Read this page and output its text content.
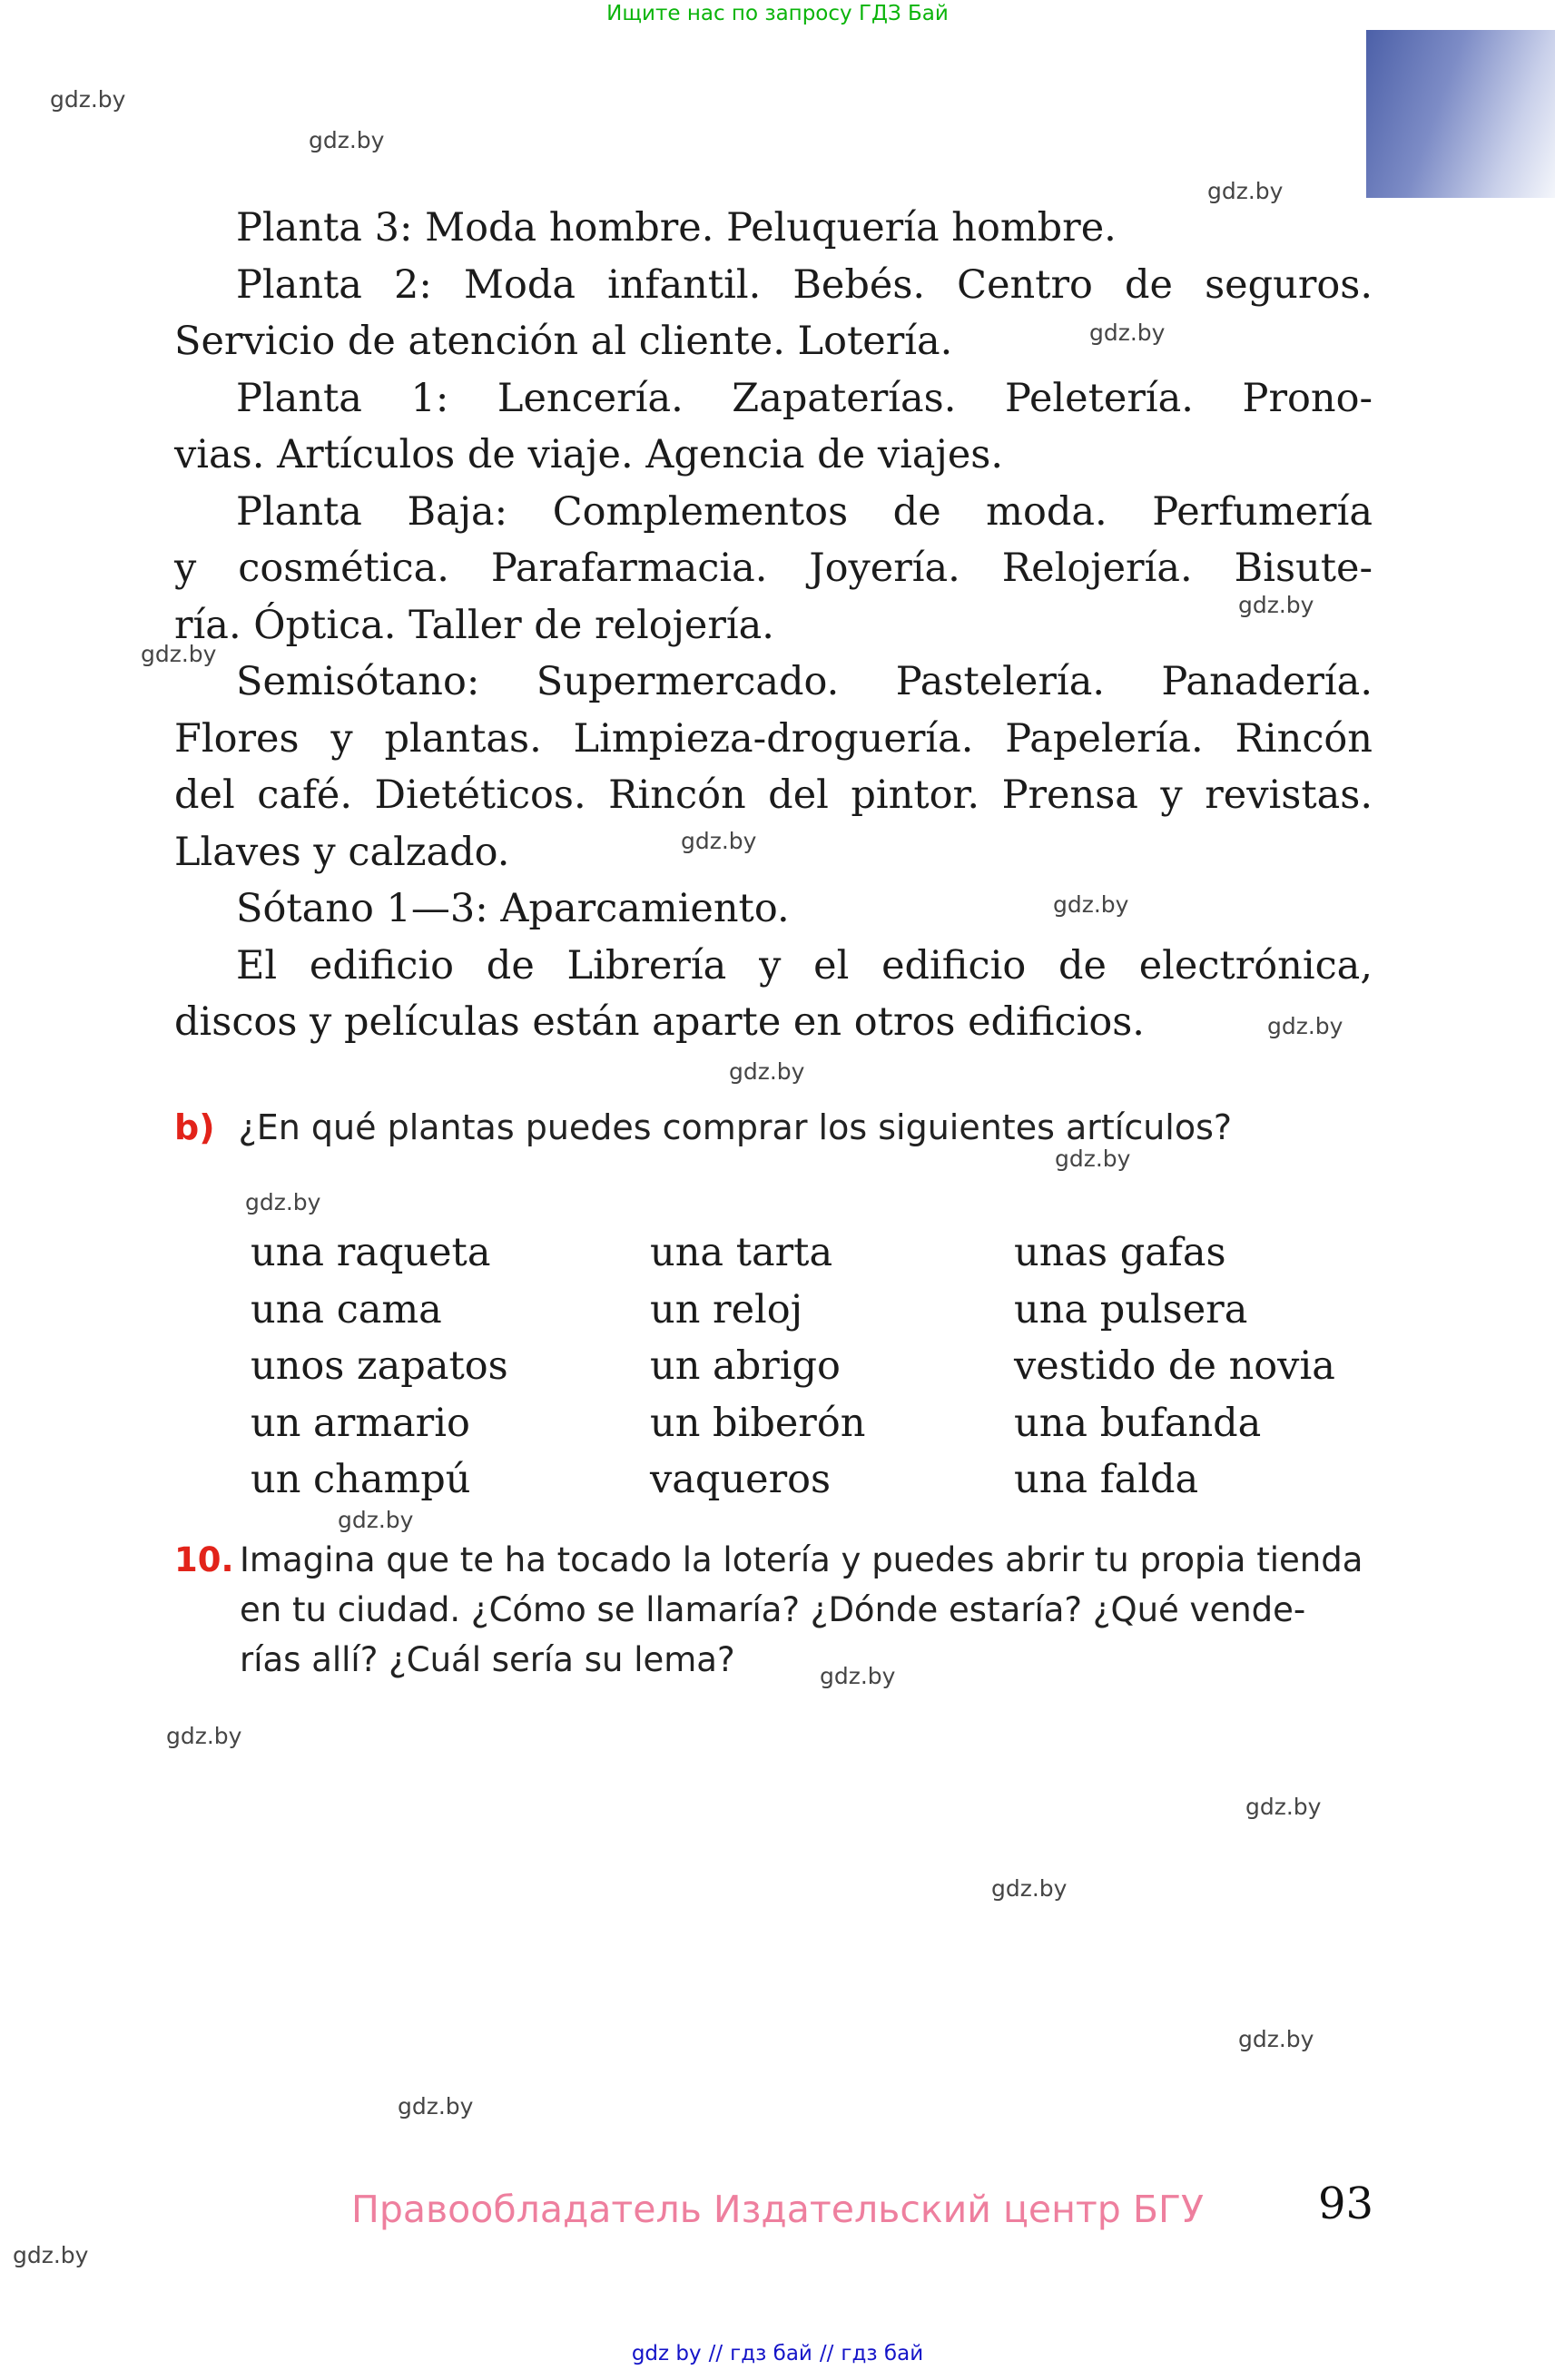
Ищите нас по запросу ГДЗ Бай
gdz.by
gdz.by
gdz.by
gdz.by
gdz.by
gdz.by
gdz.by
gdz.by
gdz.by
gdz.by
gdz.by
gdz.by
gdz.by
gdz.by
gdz.by
gdz.by
gdz.by
gdz.by
gdz.by
gdz.by
Planta 3: Moda hombre. Peluquería hombre.
Planta 2: Moda infantil. Bebés. Centro de seguros.
Servicio de atención al cliente. Lotería.
Planta 1: Lencería. Zapaterías. Peletería. Prono-
vias. Artículos de viaje. Agencia de viajes.
Planta Baja: Complementos de moda. Perfumería
y cosmética. Parafarmacia. Joyería. Relojería. Bisute-
ría. Óptica. Taller de relojería.
Semisótano: Supermercado. Pastelería. Panadería.
Flores y plantas. Limpieza-droguería. Papelería. Rincón
del café. Dietéticos. Rincón del pintor. Prensa y revistas.
Llaves y calzado.
Sótano 1—3: Aparcamiento.
El edificio de Librería y el edificio de electrónica,
discos y películas están aparte en otros edificios.
b) ¿En qué plantas puedes comprar los siguientes artículos?
una raqueta
una cama
unos zapatos
un armario
un champú
una tarta
un reloj
un abrigo
un biberón
vaqueros
unas gafas
una pulsera
vestido de novia
una bufanda
una falda
10. Imagina que te ha tocado la lotería y puedes abrir tu propia tienda
en tu ciudad. ¿Cómo se llamaría? ¿Dónde estaría? ¿Qué vende-
rías allí? ¿Cuál sería su lema?
Правообладатель Издательский центр БГУ	93
gdz by // гдз бай // гдз бай
